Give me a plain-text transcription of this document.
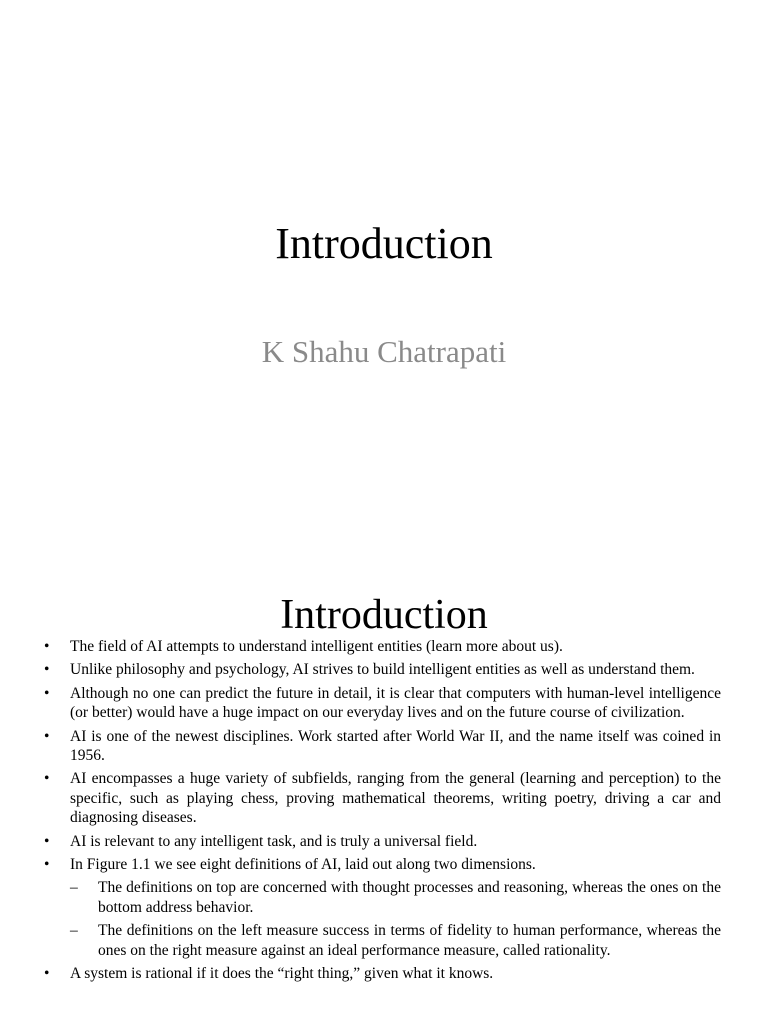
Introduction
K Shahu Chatrapati
Introduction
• The field of AI attempts to understand intelligent entities (learn more about us).
• Unlike philosophy and psychology, AI strives to build intelligent entities as well as understand them.
• Although no one can predict the future in detail, it is clear that computers with human-level intelligence (or better) would have a huge impact on our everyday lives and on the future course of civilization.
• AI is one of the newest disciplines. Work started after World War II, and the name itself was coined in 1956.
• AI encompasses a huge variety of subfields, ranging from the general (learning and perception) to the specific, such as playing chess, proving mathematical theorems, writing poetry, driving a car and diagnosing diseases.
• AI is relevant to any intelligent task, and is truly a universal field.
• In Figure 1.1 we see eight definitions of AI, laid out along two dimensions.
– The definitions on top are concerned with thought processes and reasoning, whereas the ones on the bottom address behavior.
– The definitions on the left measure success in terms of fidelity to human performance, whereas the ones on the right measure against an ideal performance measure, called rationality.
• A system is rational if it does the “right thing,” given what it knows.
